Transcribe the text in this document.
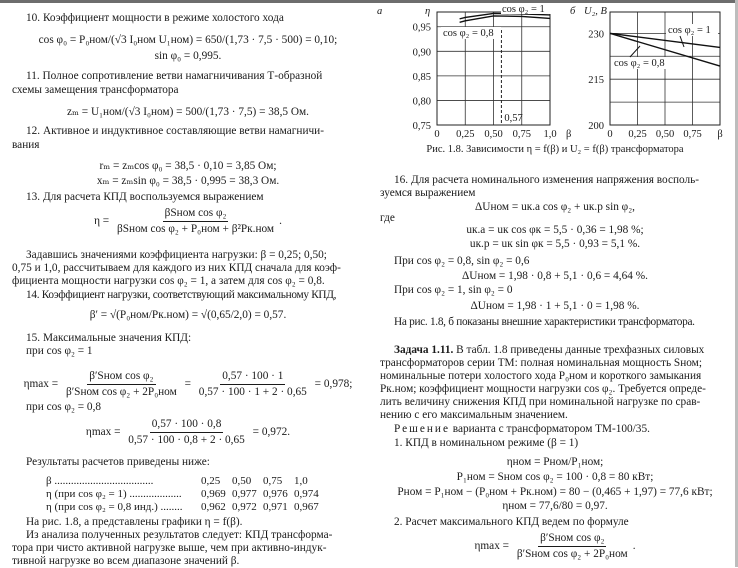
10. Коэффициент мощности в режиме холостого хода
cos φ₀ = P₀ном/(√3 I₀ном U₁ном) = 650/(1,73 · 7,5 · 500) = 0,10;
sin φ₀ = 0,995.
11. Полное сопротивление ветви намагничивания Т-образной
схемы замещения трансформатора
zₘ = U₁ном/(√3 I₀ном) = 500/(1,73 · 7,5) = 38,5 Ом.
12. Активное и индуктивное составляющие ветви намагничи-
вания
rₘ = zₘcos φ₀ = 38,5 · 0,10 = 3,85 Ом;
xₘ = zₘsin φ₀ = 38,5 · 0,995 = 38,3 Ом.
13. Для расчета КПД воспользуемся выражением
$\eta = \frac{\text{βSном cos φ₂}}{\text{βSном cos φ₂ + P₀ном + β²Pк.ном}}$ .
Задавшись значениями коэффициента нагрузки: β = 0,25; 0,50;
0,75 и 1,0, рассчитываем для каждого из них КПД сначала для коэф-
фициента мощности нагрузки cos φ₂ = 1, а затем для cos φ₂ = 0,8.
14. Коэффициент нагрузки, соответствующий максимальному КПД,
β′ = √(P₀ном/Pк.ном) = √(0,65/2,0) = 0,57.
15. Максимальные значения КПД:
при cos φ₂ = 1
$\eta\max = \frac{\text{β′Sном cos φ₂}}{\text{β′Sном cos φ₂ + 2P₀ном}} = \frac{0,57 \cdot 100 \cdot 1}{0,57 \cdot 100 \cdot 1 + 2 \cdot 0,65} = 0,978$;
при cos φ₂ = 0,8
$\eta\max = \frac{0,57 \cdot 100 \cdot 0,8}{0,57 \cdot 100 \cdot 0,8 + 2 \cdot 0,65} = 0,972$.
Результаты расчетов приведены ниже:
β ....................................	0,25	0,50	0,75	1,0
η (при cos φ₂ = 1) ...................	0,969	0,977	0,976	0,974
η (при cos φ₂ = 0,8 инд.) ........	0,962	0,972	0,971	0,967
На рис. 1.8, а представлены графики η = f(β).
Из анализа полученных результатов следует: КПД трансформа-
тора при чисто активной нагрузке выше, чем при активно-индук-
тивной нагрузке во всем диапазоне значений β.
0 0,25 0,50 0,75 1,0 β
0,95
0,90
0,85
0,80
0,75
а	η
0,57
cos φ₂ = 1
cos φ₂ = 0,8
0 0,25 0,50 0,75 β
230
215
200
б U₂, В
cos φ₂ = 1
cos φ₂ = 0,8
Рис. 1.8. Зависимости η = f(β) и U₂ = f(β) трансформатора
16. Для расчета номинального изменения напряжения восполь-
зуемся выражением
ΔUном = uк.а cos φ₂ + uк.р sin φ₂,
где
uк.а = uк cos φк = 5,5 · 0,36 = 1,98 %;
uк.р = uк sin φк = 5,5 · 0,93 = 5,1 %.
При cos φ₂ = 0,8, sin φ₂ = 0,6
ΔUном = 1,98 · 0,8 + 5,1 · 0,6 = 4,64 %.
При cos φ₂ = 1, sin φ₂ = 0
ΔUном = 1,98 · 1 + 5,1 · 0 = 1,98 %.
На рис. 1.8, б показаны внешние характеристики трансформатора.
Задача 1.11. В табл. 1.8 приведены данные трехфазных силовых
трансформаторов серии ТМ: полная номинальная мощность Sном;
номинальные потери холостого хода P₀ном и короткого замыкания
Pк.ном; коэффициент мощности нагрузки cos φ₂. Требуется опреде-
лить величину снижения КПД при номинальной нагрузке по срав-
нению с его максимальным значением.
Решение варианта с трансформатором ТМ-100/35.
1. КПД в номинальном режиме (β = 1)
ηном = Pном/P₁ном;
P₁ном = Sном cos φ₂ = 100 · 0,8 = 80 кВт;
Pном = P₁ном − (P₀ном + Pк.ном) = 80 − (0,465 + 1,97) = 77,6 кВт;
ηном = 77,6/80 = 0,97.
2. Расчет максимального КПД ведем по формуле
$\eta\max = \frac{\text{β′Sном cos φ₂}}{\text{β′Sном cos φ₂ + 2P₀ном}}$ .
